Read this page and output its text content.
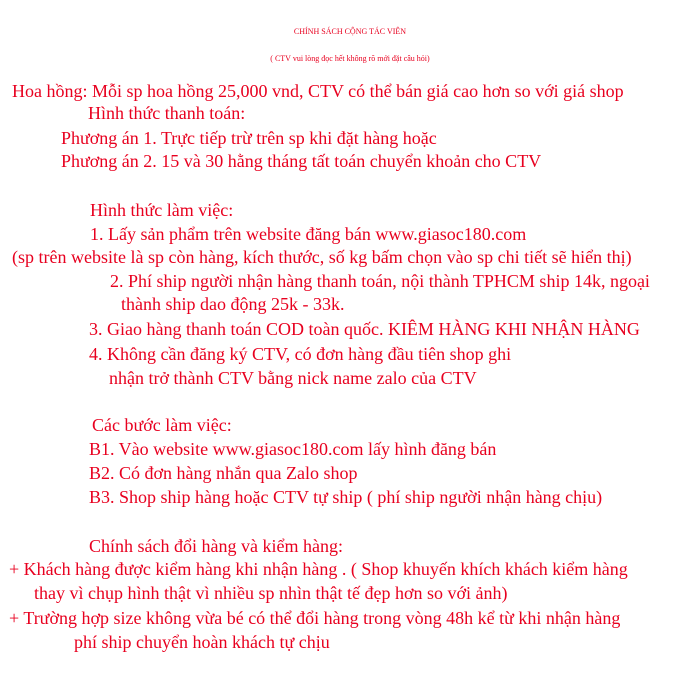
CHÍNH SÁCH CỘNG TÁC VIÊN
( CTV vui lòng đọc hết không rõ mới đặt câu hỏi)
Hoa hồng: Mỗi sp hoa hồng 25,000 vnd, CTV có thể bán giá cao hơn so với giá shop
Hình thức thanh toán:
Phương án 1. Trực tiếp trừ trên sp khi đặt hàng hoặc
Phương án 2. 15 và 30 hằng tháng tất toán chuyển khoản cho CTV
Hình thức làm việc:
1. Lấy sản phẩm trên website đăng bán www.giasoc180.com
(sp trên website là sp còn hàng, kích thước, số kg bấm chọn vào sp chi tiết sẽ hiển thị)
2. Phí ship người nhận hàng thanh toán, nội thành TPHCM ship 14k, ngoại
thành ship dao động 25k - 33k.
3. Giao hàng thanh toán COD toàn quốc. KIÊM HÀNG KHI NHẬN HÀNG
4. Không cần đăng ký CTV, có đơn hàng đầu tiên shop ghi
nhận trở thành CTV bằng nick name zalo của CTV
Các bước làm việc:
B1. Vào website www.giasoc180.com lấy hình đăng bán
B2. Có đơn hàng nhắn qua Zalo shop
B3. Shop ship hàng hoặc CTV tự ship ( phí ship người nhận hàng chịu)
Chính sách đổi hàng và kiểm hàng:
+ Khách hàng được kiểm hàng khi nhận hàng . ( Shop khuyến khích khách kiểm hàng
thay vì chụp hình thật vì nhiều sp nhìn thật tế đẹp hơn so với ảnh)
+ Trường hợp size không vừa bé có thể đổi hàng trong vòng 48h kể từ khi nhận hàng
phí ship chuyển hoàn khách tự chịu
